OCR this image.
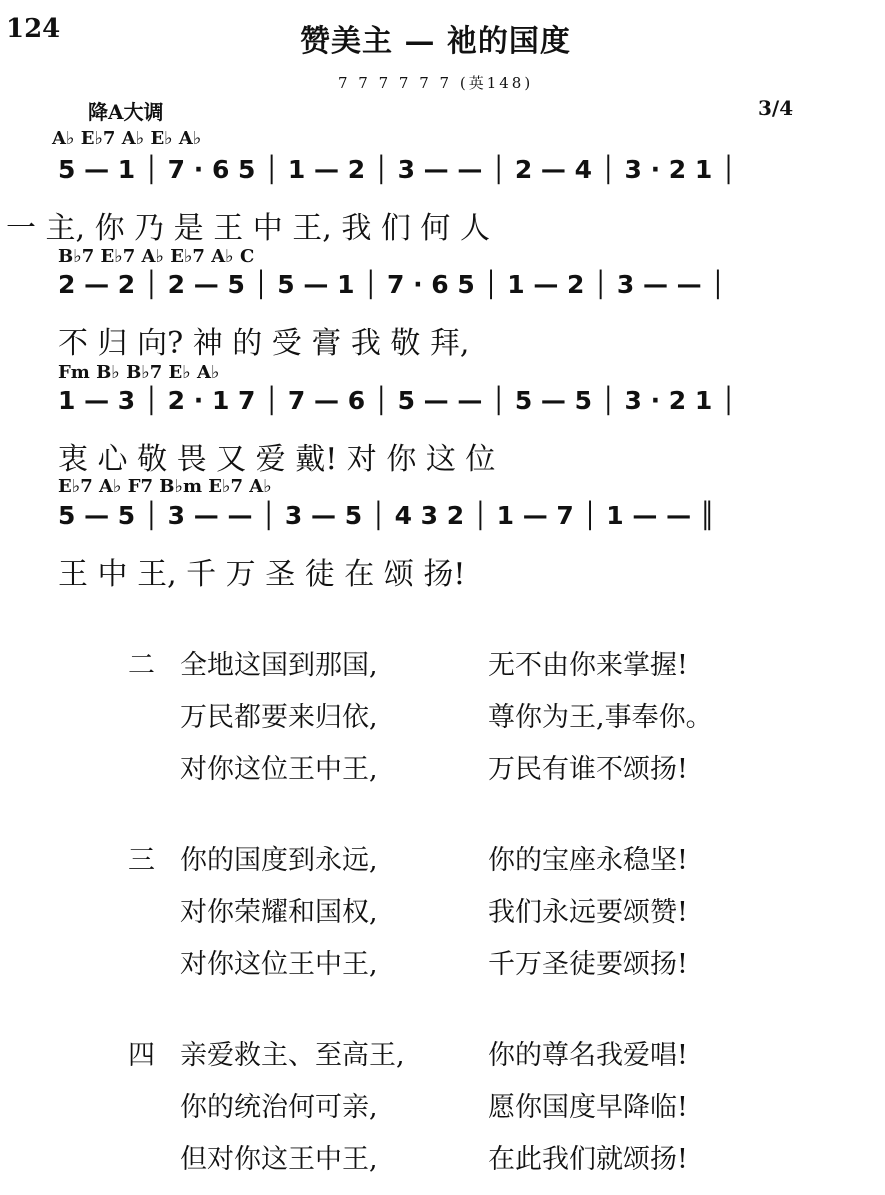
124	赞美主 — 祂的国度
7 7 7 7 7 7 (英148)
降A大调	3/4
A♭ E♭7 A♭ E♭ A♭
5 — 1 │ 7 · 6 5 │ 1 — 2 │ 3 — — │ 2 — 4 │ 3 · 2 1 │
一 主, 你 乃 是 王 中 王, 我 们 何 人
B♭7 E♭7 A♭ E♭7 A♭ C
2 — 2 │ 2 — 5 │ 5 — 1 │ 7 · 6 5 │ 1 — 2 │ 3 — — │
不 归 向? 神 的 受 膏 我 敬 拜,
Fm B♭ B♭7 E♭ A♭
1 — 3 │ 2 · 1 7 │ 7 — 6 │ 5 — — │ 5 — 5 │ 3 · 2 1 │
衷 心 敬 畏 又 爱 戴! 对 你 这 位
E♭7 A♭ F7 B♭m E♭7 A♭
5 — 5 │ 3 — — │ 3 — 5 │ 4 3 2 │ 1 — 7 │ 1 — — ║
王 中 王, 千 万 圣 徒 在 颂 扬!
二 全地这国到那国,	无不由你来掌握!
万民都要来归依,	尊你为王,事奉你。
对你这位王中王,	万民有谁不颂扬!
三 你的国度到永远,	你的宝座永稳坚!
对你荣耀和国权,	我们永远要颂赞!
对你这位王中王,	千万圣徒要颂扬!
四 亲爱救主、至高王,	你的尊名我爱唱!
你的统治何可亲,	愿你国度早降临!
但对你这王中王,	在此我们就颂扬!
